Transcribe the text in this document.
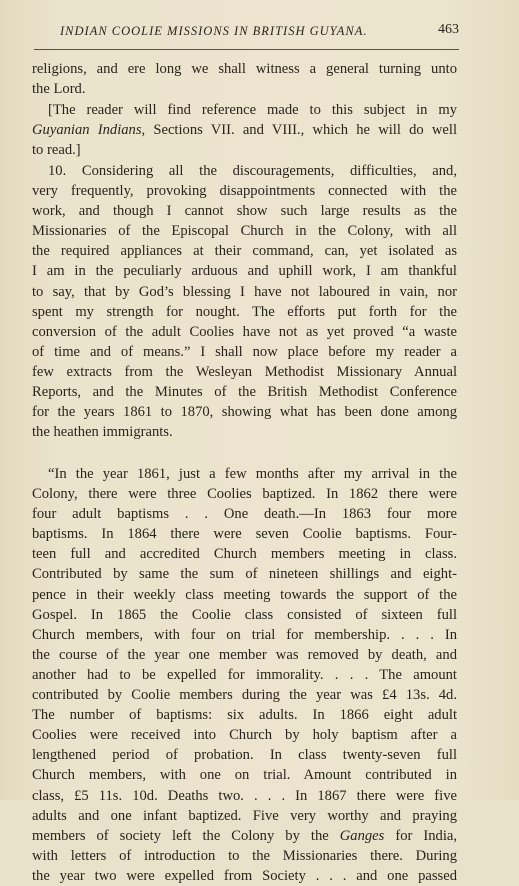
INDIAN COOLIE MISSIONS IN BRITISH GUYANA.	463

religions, and ere long we shall witness a general turning unto
the Lord.

[The reader will find reference made to this subject in my
Guyanian Indians, Sections VII. and VIII., which he will do well
to read.]

10. Considering all the discouragements, difficulties, and,
very frequently, provoking disappointments connected with the
work, and though I cannot show such large results as the
Missionaries of the Episcopal Church in the Colony, with all
the required appliances at their command, can, yet isolated as
I am in the peculiarly arduous and uphill work, I am thankful
to say, that by God’s blessing I have not laboured in vain, nor
spent my strength for nought. The efforts put forth for the
conversion of the adult Coolies have not as yet proved “a waste
of time and of means.” I shall now place before my reader a
few extracts from the Wesleyan Methodist Missionary Annual
Reports, and the Minutes of the British Methodist Conference
for the years 1861 to 1870, showing what has been done among
the heathen immigrants.

“In the year 1861, just a few months after my arrival in the
Colony, there were three Coolies baptized. In 1862 there were
four adult baptisms . . One death.—In 1863 four more
baptisms. In 1864 there were seven Coolie baptisms. Four-
teen full and accredited Church members meeting in class.
Contributed by same the sum of nineteen shillings and eight-
pence in their weekly class meeting towards the support of the
Gospel. In 1865 the Coolie class consisted of sixteen full
Church members, with four on trial for membership. . . . In
the course of the year one member was removed by death, and
another had to be expelled for immorality. . . . The amount
contributed by Coolie members during the year was £4 13s. 4d.
The number of baptisms: six adults. In 1866 eight adult
Coolies were received into Church by holy baptism after a
lengthened period of probation. In class twenty-seven full
Church members, with one on trial. Amount contributed in
class, £5 11s. 10d. Deaths two. . . . In 1867 there were five
adults and one infant baptized. Five very worthy and praying
members of society left the Colony by the Ganges for India,
with letters of introduction to the Missionaries there. During
the year two were expelled from Society . . . and one passed
